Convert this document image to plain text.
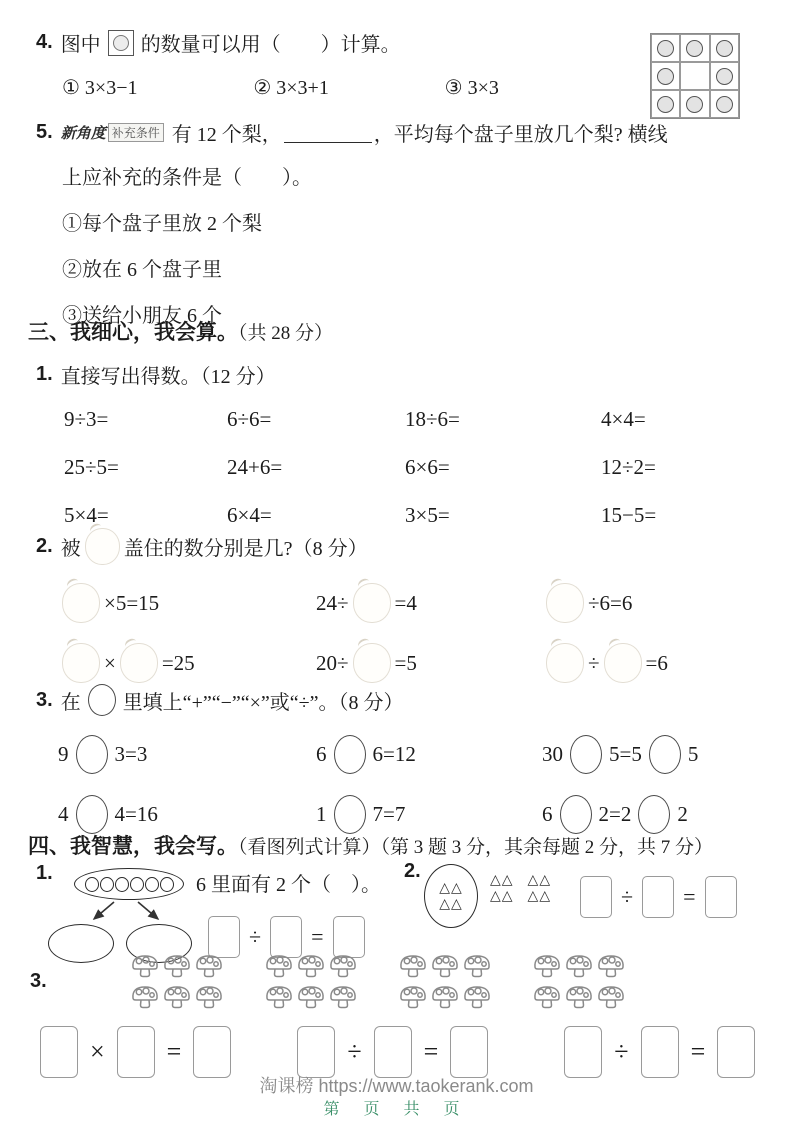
4. 图中 的数量可以用（　　）计算。
① 3×3−1	② 3×3+1	③ 3×3
5. 新角度 补充条件 有 12 个梨，	，平均每个盘子里放几个梨? 横线
上应补充的条件是（　　）。
①每个盘子里放 2 个梨
②放在 6 个盘子里
③送给小朋友 6 个
三、我细心，我会算。（共 28 分）
1. 直接写出得数。（12 分）
9÷3=	6÷6=	18÷6=	4×4=
25÷5=	24+6=	6×6=	12÷2=
5×4=	6×4=	3×5=	15−5=
2. 被 盖住的数分别是几?（8 分）
×5=15	24÷ =4	÷6=6
× =25	20÷ =5	÷ =6
3. 在 里填上“+”“−”“×”或“÷”。（8 分）
9 3=3	6 6=12	30 5=5 5
4 4=16	1 7=7	6 2=2 2
四、我智慧，我会写。（看图列式计算）（第 3 题 3 分，其余每题 2 分，共 7 分）
1.
6 里面有 2 个（　）。
÷ =
2.
△△
△△
△△
△△
△△
△△	÷ =
3.
× =	÷ =	÷ =
淘课榜 https://www.taokerank.com
第 页 共 页
